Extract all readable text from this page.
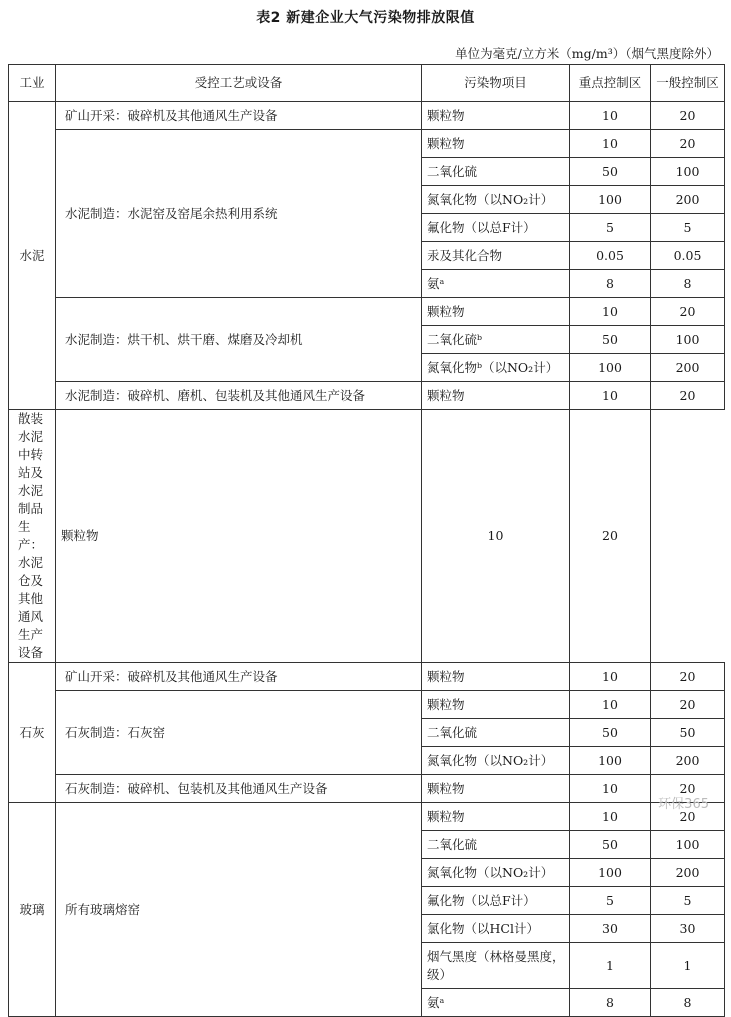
表2 新建企业大气污染物排放限值
单位为毫克/立方米（mg/m³）（烟气黑度除外）
工业	受控工艺或设备	污染物项目	重点控制区	一般控制区
水泥	矿山开采：破碎机及其他通风生产设备	颗粒物	10	20
	水泥制造：水泥窑及窑尾余热利用系统	颗粒物	10	20
		二氧化硫	50	100
		氮氧化物（以NO₂计）	100	200
		氟化物（以总F计）	5	5
		汞及其化合物	0.05	0.05
		氨ᵃ	8	8
	水泥制造：烘干机、烘干磨、煤磨及冷却机	颗粒物	10	20
		二氧化硫ᵇ	50	100
		氮氧化物ᵇ（以NO₂计）	100	200
	水泥制造：破碎机、磨机、包装机及其他通风生产设备	颗粒物	10	20
散装水泥中转站及水泥制品生产：水泥仓及其他通风生产设备	颗粒物	10	20	
石灰	矿山开采：破碎机及其他通风生产设备	颗粒物	10	20
	石灰制造：石灰窑	颗粒物	10	20
		二氧化硫	50	50
		氮氧化物（以NO₂计）	100	200
	石灰制造：破碎机、包装机及其他通风生产设备	颗粒物	10	20
玻璃	所有玻璃熔窑	颗粒物	10	20
		二氧化硫	50	100
		氮氧化物（以NO₂计）	100	200
		氟化物（以总F计）	5	5
		氯化物（以HCl计）	30	30
		烟气黑度（林格曼黑度，级）	1	1
		氨ᵃ	8	8
环保365
